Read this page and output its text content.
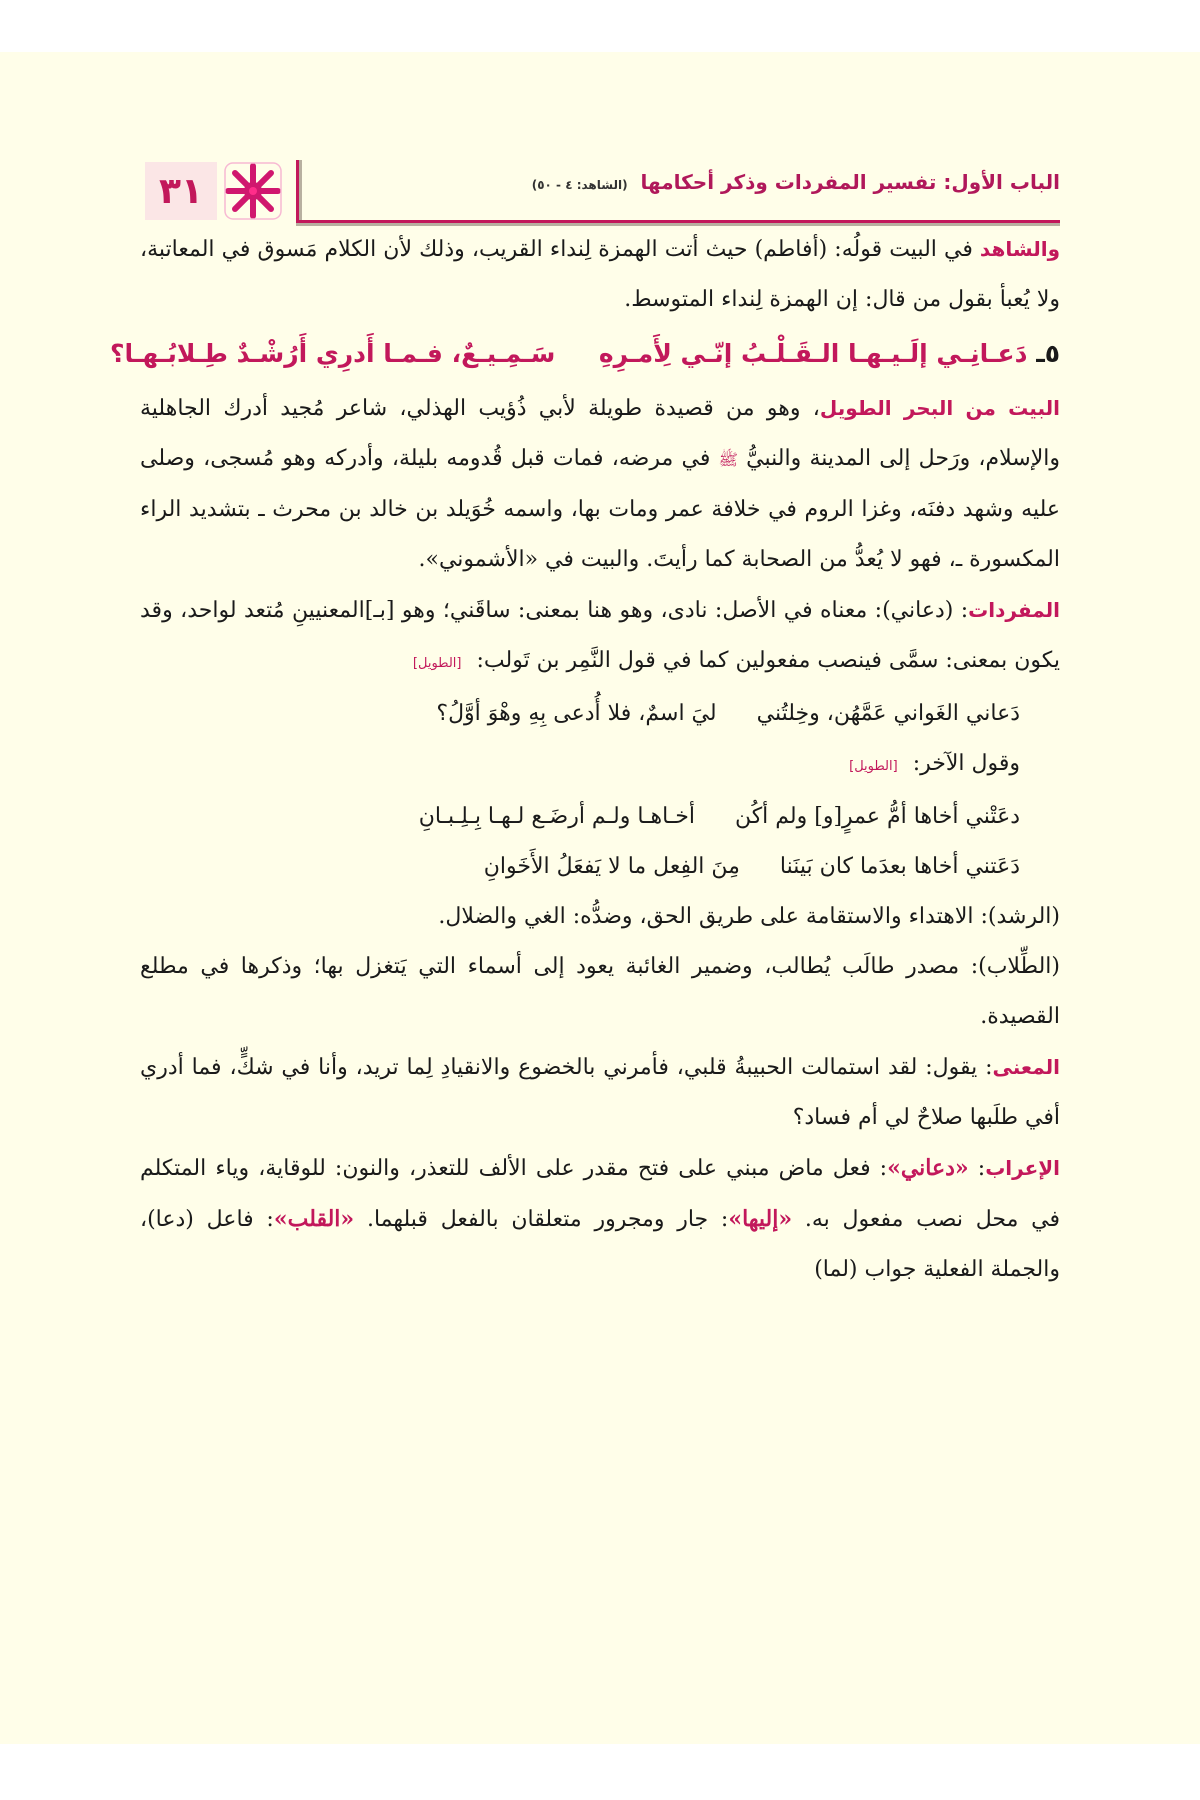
٣١	الباب الأول: تفسير المفردات وذكر أحكامها (الشاهد: ٤ - ٥٠)

والشاهد في البيت قولُه: (أفاطم) حيث أتت الهمزة لِنداء القريب، وذلك لأن الكلام مَسوق في المعاتبة، ولا يُعبأ بقول من قال: إن الهمزة لِنداء المتوسط.

٥ـ دَعـانِـي إلَـيـهـا الـقَـلْـبُ إنّـي لِأَمـرِهِ     سَـمِـيـعٌ، فـمـا أَدرِي أَرُشْـدٌ طِـلابُـهـا؟

البيت من البحر الطويل، وهو من قصيدة طويلة لأبي ذُؤيب الهذلي، شاعر مُجيد أدرك الجاهلية والإسلام، ورَحل إلى المدينة والنبيُّ ﷺ في مرضه، فمات قبل قُدومه بليلة، وأدركه وهو مُسجى، وصلى عليه وشهد دفنَه، وغزا الروم في خلافة عمر ومات بها، واسمه خُوَيلد بن خالد بن محرث ـ بتشديد الراء المكسورة ـ، فهو لا يُعدُّ من الصحابة كما رأيتَ. والبيت في «الأشموني».

المفردات: (دعاني): معناه في الأصل: نادى، وهو هنا بمعنى: ساقَني؛ وهو [بـ]المعنيينِ مُتعد لواحد، وقد يكون بمعنى: سمَّى فينصب مفعولين كما في قول النَّمِر بن تَولب: [الطويل]

دَعاني الغَواني عَمَّهُن، وخِلتُني
ليَ اسمٌ، فلا أُدعى بِهِ وهْوَ أوَّلُ؟
وقول الآخر: [الطويل]
دعَتْني أخاها أمُّ عمرٍ[و] ولم أكُن
أخـاهـا ولـم أرضَـع لـهـا بِـلِـبـانِ
دَعَتني أخاها بعدَما كان بَينَنا
مِنَ الفِعل ما لا يَفعَلُ الأَخَوانِ

(الرشد): الاهتداء والاستقامة على طريق الحق، وضدُّه: الغي والضلال.

(الطِّلاب): مصدر طالَب يُطالب، وضمير الغائبة يعود إلى أسماء التي يَتغزل بها؛ وذكرها في مطلع القصيدة.

المعنى: يقول: لقد استمالت الحبيبةُ قلبي، فأمرني بالخضوع والانقيادِ لِما تريد، وأنا في شكٍّ، فما أدري أفي طلَبها صلاحٌ لي أم فساد؟

الإعراب: «دعاني»: فعل ماض مبني على فتح مقدر على الألف للتعذر، والنون: للوقاية، وياء المتكلم في محل نصب مفعول به. «إليها»: جار ومجرور متعلقان بالفعل قبلهما. «القلب»: فاعل (دعا)، والجملة الفعلية جواب (لما)
